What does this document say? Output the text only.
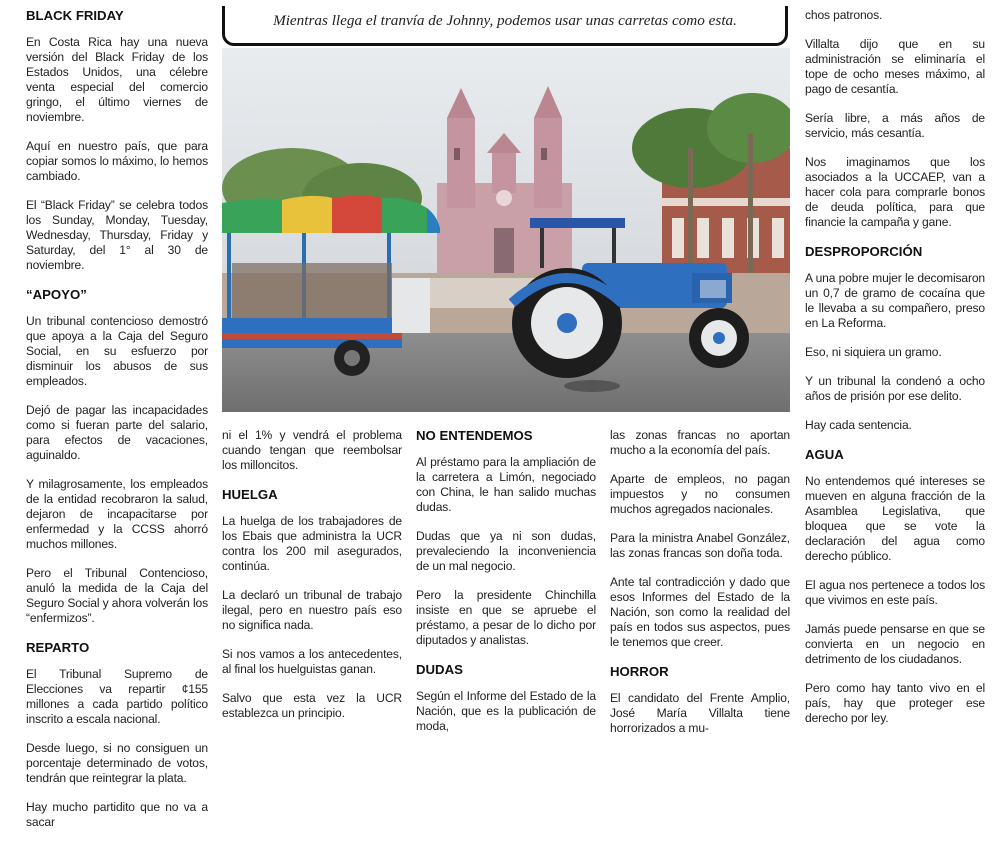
BLACK FRIDAY

En Costa Rica hay una nueva versión del Black Friday de los Estados Unidos, una célebre venta especial del comercio gringo, el último viernes de noviembre.

Aquí en nuestro país, que para copiar somos lo máximo, lo hemos cambiado.

El “Black Friday” se celebra todos los Sunday, Monday, Tuesday, Wednesday, Thursday, Friday y Saturday, del 1° al 30 de noviembre.

“APOYO”

Un tribunal contencioso demostró que apoya a la Caja del Seguro Social, en su esfuerzo por disminuir los abusos de sus empleados.

Dejó de pagar las incapacidades como si fueran parte del salario, para efectos de vacaciones, aguinaldo.

Y milagrosamente, los empleados de la entidad recobraron la salud, dejaron de incapacitarse por enfermedad y la CCSS ahorró muchos millones.

Pero el Tribunal Contencioso, anuló la medida de la Caja del Seguro Social y ahora volverán los “enfermizos”.

REPARTO

El Tribunal Supremo de Elecciones va repartir ¢155 millones a cada partido político inscrito a escala nacional.

Desde luego, si no consiguen un porcentaje determinado de votos, tendrán que reintegrar la plata.

Hay mucho partidito que no va a sacar

Mientras llega el tranvía de Johnny, podemos usar unas carretas como esta.

ni el 1% y vendrá el problema cuando tengan que reembolsar los milloncitos.

HUELGA

La huelga de los trabajadores de los Ebais que administra la UCR contra los 200 mil asegurados, continúa.

La declaró un tribunal de trabajo ilegal, pero en nuestro país eso no significa nada.

Si nos vamos a los antecedentes, al final los huelguistas ganan.

Salvo que esta vez la UCR establezca un principio.

NO ENTENDEMOS

Al préstamo para la ampliación de la carretera a Limón, negociado con China, le han salido muchas dudas.

Dudas que ya ni son dudas, prevaleciendo la inconveniencia de un mal negocio.

Pero la presidente Chinchilla insiste en que se apruebe el préstamo, a pesar de lo dicho por diputados y analistas.

DUDAS

Según el Informe del Estado de la Nación, que es la publicación de moda,

las zonas francas no aportan mucho a la economía del país.

Aparte de empleos, no pagan impuestos y no consumen muchos agregados nacionales.

Para la ministra Anabel González, las zonas francas son doña toda.

Ante tal contradicción y dado que esos Informes del Estado de la Nación, son como la realidad del país en todos sus aspectos, pues le tenemos que creer.

HORROR

El candidato del Frente Amplio, José María Villalta tiene horrorizados a mu-

chos patronos.

Villalta dijo que en su administración se eliminaría el tope de ocho meses máximo, al pago de cesantía.

Sería libre, a más años de servicio, más cesantía.

Nos imaginamos que los asociados a la UCCAEP, van a hacer cola para comprarle bonos de deuda política, para que financie la campaña y gane.

DESPROPORCIÓN

A una pobre mujer le decomisaron un 0,7 de gramo de cocaína que le llevaba a su compañero, preso en La Reforma.

Eso, ni siquiera un gramo.

Y un tribunal la condenó a ocho años de prisión por ese delito.

Hay cada sentencia.

AGUA

No entendemos qué intereses se mueven en alguna fracción de la Asamblea Legislativa, que bloquea que se vote la declaración del agua como derecho público.

El agua nos pertenece a todos los que vivimos en este país.

Jamás puede pensarse en que se convierta en un negocio en detrimento de los ciudadanos.

Pero como hay tanto vivo en el país, hay que proteger ese derecho por ley.
